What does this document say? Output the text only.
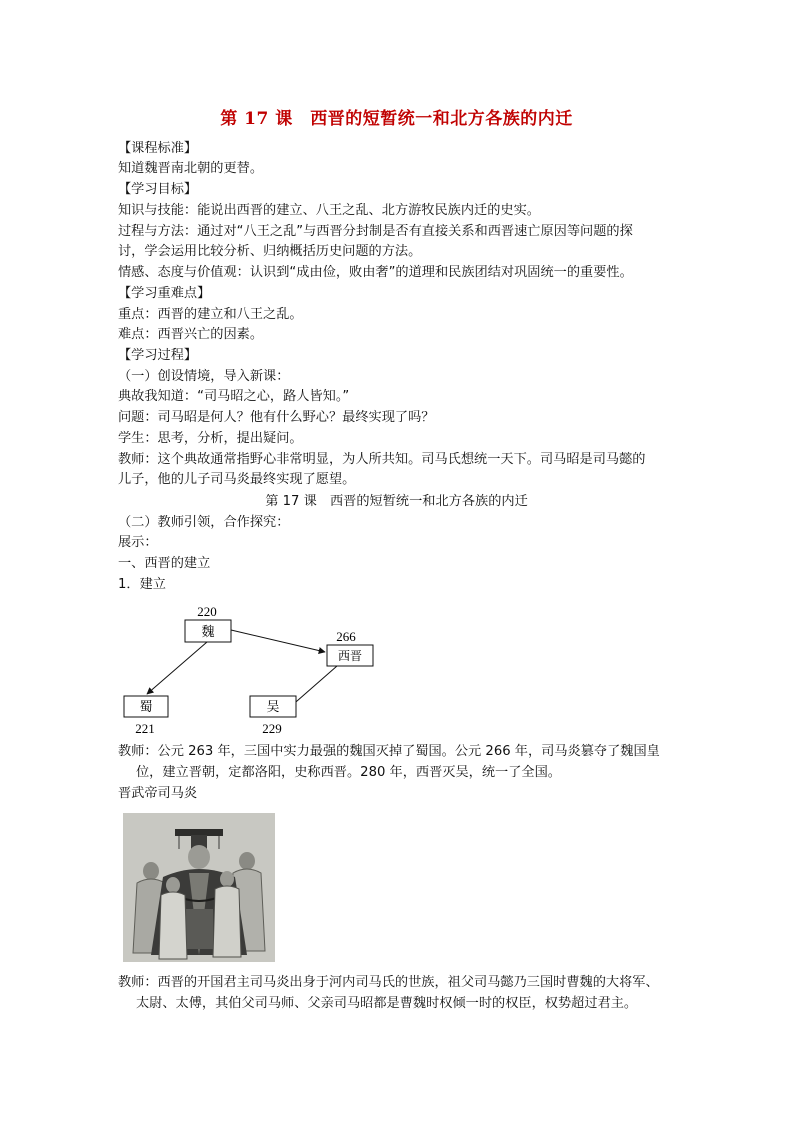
第 17 课　西晋的短暂统一和北方各族的内迁
【课程标准】
知道魏晋南北朝的更替。
【学习目标】
知识与技能：能说出西晋的建立、八王之乱、北方游牧民族内迁的史实。
过程与方法：通过对“八王之乱”与西晋分封制是否有直接关系和西晋速亡原因等问题的探
讨，学会运用比较分析、归纳概括历史问题的方法。
情感、态度与价值观：认识到“成由俭，败由奢”的道理和民族团结对巩固统一的重要性。
【学习重难点】
重点：西晋的建立和八王之乱。
难点：西晋兴亡的因素。
【学习过程】
（一）创设情境，导入新课：
典故我知道：“司马昭之心，路人皆知。”
问题：司马昭是何人？他有什么野心？最终实现了吗？
学生：思考，分析，提出疑问。
教师：这个典故通常指野心非常明显，为人所共知。司马氏想统一天下。司马昭是司马懿的
儿子，他的儿子司马炎最终实现了愿望。
第 17 课　西晋的短暂统一和北方各族的内迁
（二）教师引领，合作探究：
展示：
一、西晋的建立
1．建立
220
魏	266
西晋
蜀
221
吴
229
教师：公元 263 年，三国中实力最强的魏国灭掉了蜀国。公元 266 年，司马炎篡夺了魏国皇
位，建立晋朝，定都洛阳，史称西晋。280 年，西晋灭吴，统一了全国。
晋武帝司马炎
教师：西晋的开国君主司马炎出身于河内司马氏的世族，祖父司马懿乃三国时曹魏的大将军、
太尉、太傅，其伯父司马师、父亲司马昭都是曹魏时权倾一时的权臣，权势超过君主。
